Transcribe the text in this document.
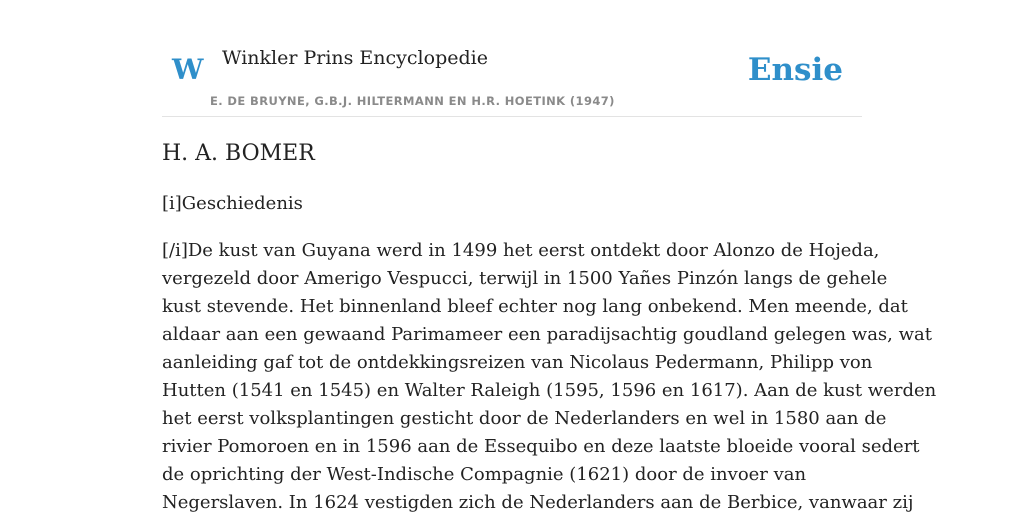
W Winkler Prins Encyclopedie
E. DE BRUYNE, G.B.J. HILTERMANN EN H.R. HOETINK (1947)
Ensie
H. A. BOMER

[i]Geschiedenis

[/i]De kust van Guyana werd in 1499 het eerst ontdekt door Alonzo de Hojeda,
vergezeld door Amerigo Vespucci, terwijl in 1500 Yañes Pinzón langs de gehele
kust stevende. Het binnenland bleef echter nog lang onbekend. Men meende, dat
aldaar aan een gewaand Parimameer een paradijsachtig goudland gelegen was, wat
aanleiding gaf tot de ontdekkingsreizen van Nicolaus Pedermann, Philipp von
Hutten (1541 en 1545) en Walter Raleigh (1595, 1596 en 1617). Aan de kust werden
het eerst volksplantingen gesticht door de Nederlanders en wel in 1580 aan de
rivier Pomoroen en in 1596 aan de Essequibo en deze laatste bloeide vooral sedert
de oprichting der West-Indische Compagnie (1621) door de invoer van
Negerslaven. In 1624 vestigden zich de Nederlanders aan de Berbice, vanwaar zij
